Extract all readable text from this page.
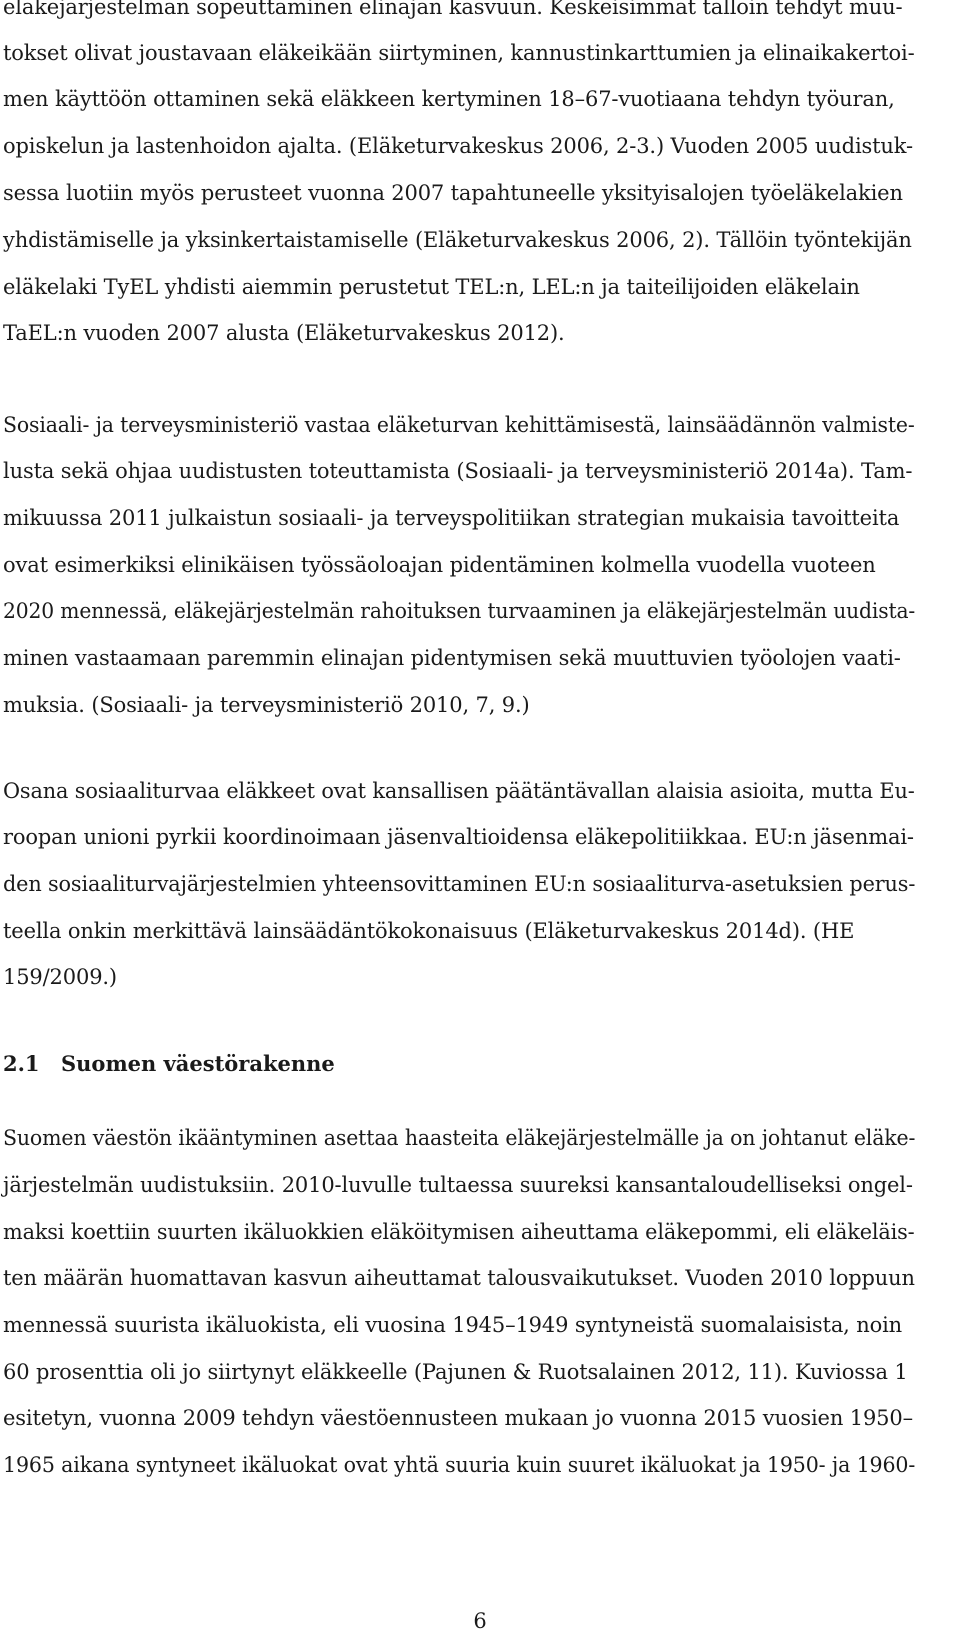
eläkejärjestelmän sopeuttaminen elinajan kasvuun. Keskeisimmät tällöin tehdyt muu-
tokset olivat joustavaan eläkeikään siirtyminen, kannustinkarttumien ja elinaikakertoi-
men käyttöön ottaminen sekä eläkkeen kertyminen 18–67-vuotiaana tehdyn työuran,
opiskelun ja lastenhoidon ajalta. (Eläketurvakeskus 2006, 2-3.) Vuoden 2005 uudistuk-
sessa luotiin myös perusteet vuonna 2007 tapahtuneelle yksityisalojen työeläkelakien
yhdistämiselle ja yksinkertaistamiselle (Eläketurvakeskus 2006, 2). Tällöin työntekijän
eläkelaki TyEL yhdisti aiemmin perustetut TEL:n, LEL:n ja taiteilijoiden eläkelain
TaEL:n vuoden 2007 alusta (Eläketurvakeskus 2012).
Sosiaali- ja terveysministeriö vastaa eläketurvan kehittämisestä, lainsäädännön valmiste-
lusta sekä ohjaa uudistusten toteuttamista (Sosiaali- ja terveysministeriö 2014a). Tam-
mikuussa 2011 julkaistun sosiaali- ja terveyspolitiikan strategian mukaisia tavoitteita
ovat esimerkiksi elinikäisen työssäoloajan pidentäminen kolmella vuodella vuoteen
2020 mennessä, eläkejärjestelmän rahoituksen turvaaminen ja eläkejärjestelmän uudista-
minen vastaamaan paremmin elinajan pidentymisen sekä muuttuvien työolojen vaati-
muksia. (Sosiaali- ja terveysministeriö 2010, 7, 9.)
Osana sosiaaliturvaa eläkkeet ovat kansallisen päätäntävallan alaisia asioita, mutta Eu-
roopan unioni pyrkii koordinoimaan jäsenvaltioidensa eläkepolitiikkaa. EU:n jäsenmai-
den sosiaaliturvajärjestelmien yhteensovittaminen EU:n sosiaaliturva-asetuksien perus-
teella onkin merkittävä lainsäädäntökokonaisuus (Eläketurvakeskus 2014d). (HE
159/2009.)
2.1 Suomen väestörakenne
Suomen väestön ikääntyminen asettaa haasteita eläkejärjestelmälle ja on johtanut eläke-
järjestelmän uudistuksiin. 2010-luvulle tultaessa suureksi kansantaloudelliseksi ongel-
maksi koettiin suurten ikäluokkien eläköitymisen aiheuttama eläkepommi, eli eläkeläis-
ten määrän huomattavan kasvun aiheuttamat talousvaikutukset. Vuoden 2010 loppuun
mennessä suurista ikäluokista, eli vuosina 1945–1949 syntyneistä suomalaisista, noin
60 prosenttia oli jo siirtynyt eläkkeelle (Pajunen & Ruotsalainen 2012, 11). Kuviossa 1
esitetyn, vuonna 2009 tehdyn väestöennusteen mukaan jo vuonna 2015 vuosien 1950–
1965 aikana syntyneet ikäluokat ovat yhtä suuria kuin suuret ikäluokat ja 1950- ja 1960-
6
